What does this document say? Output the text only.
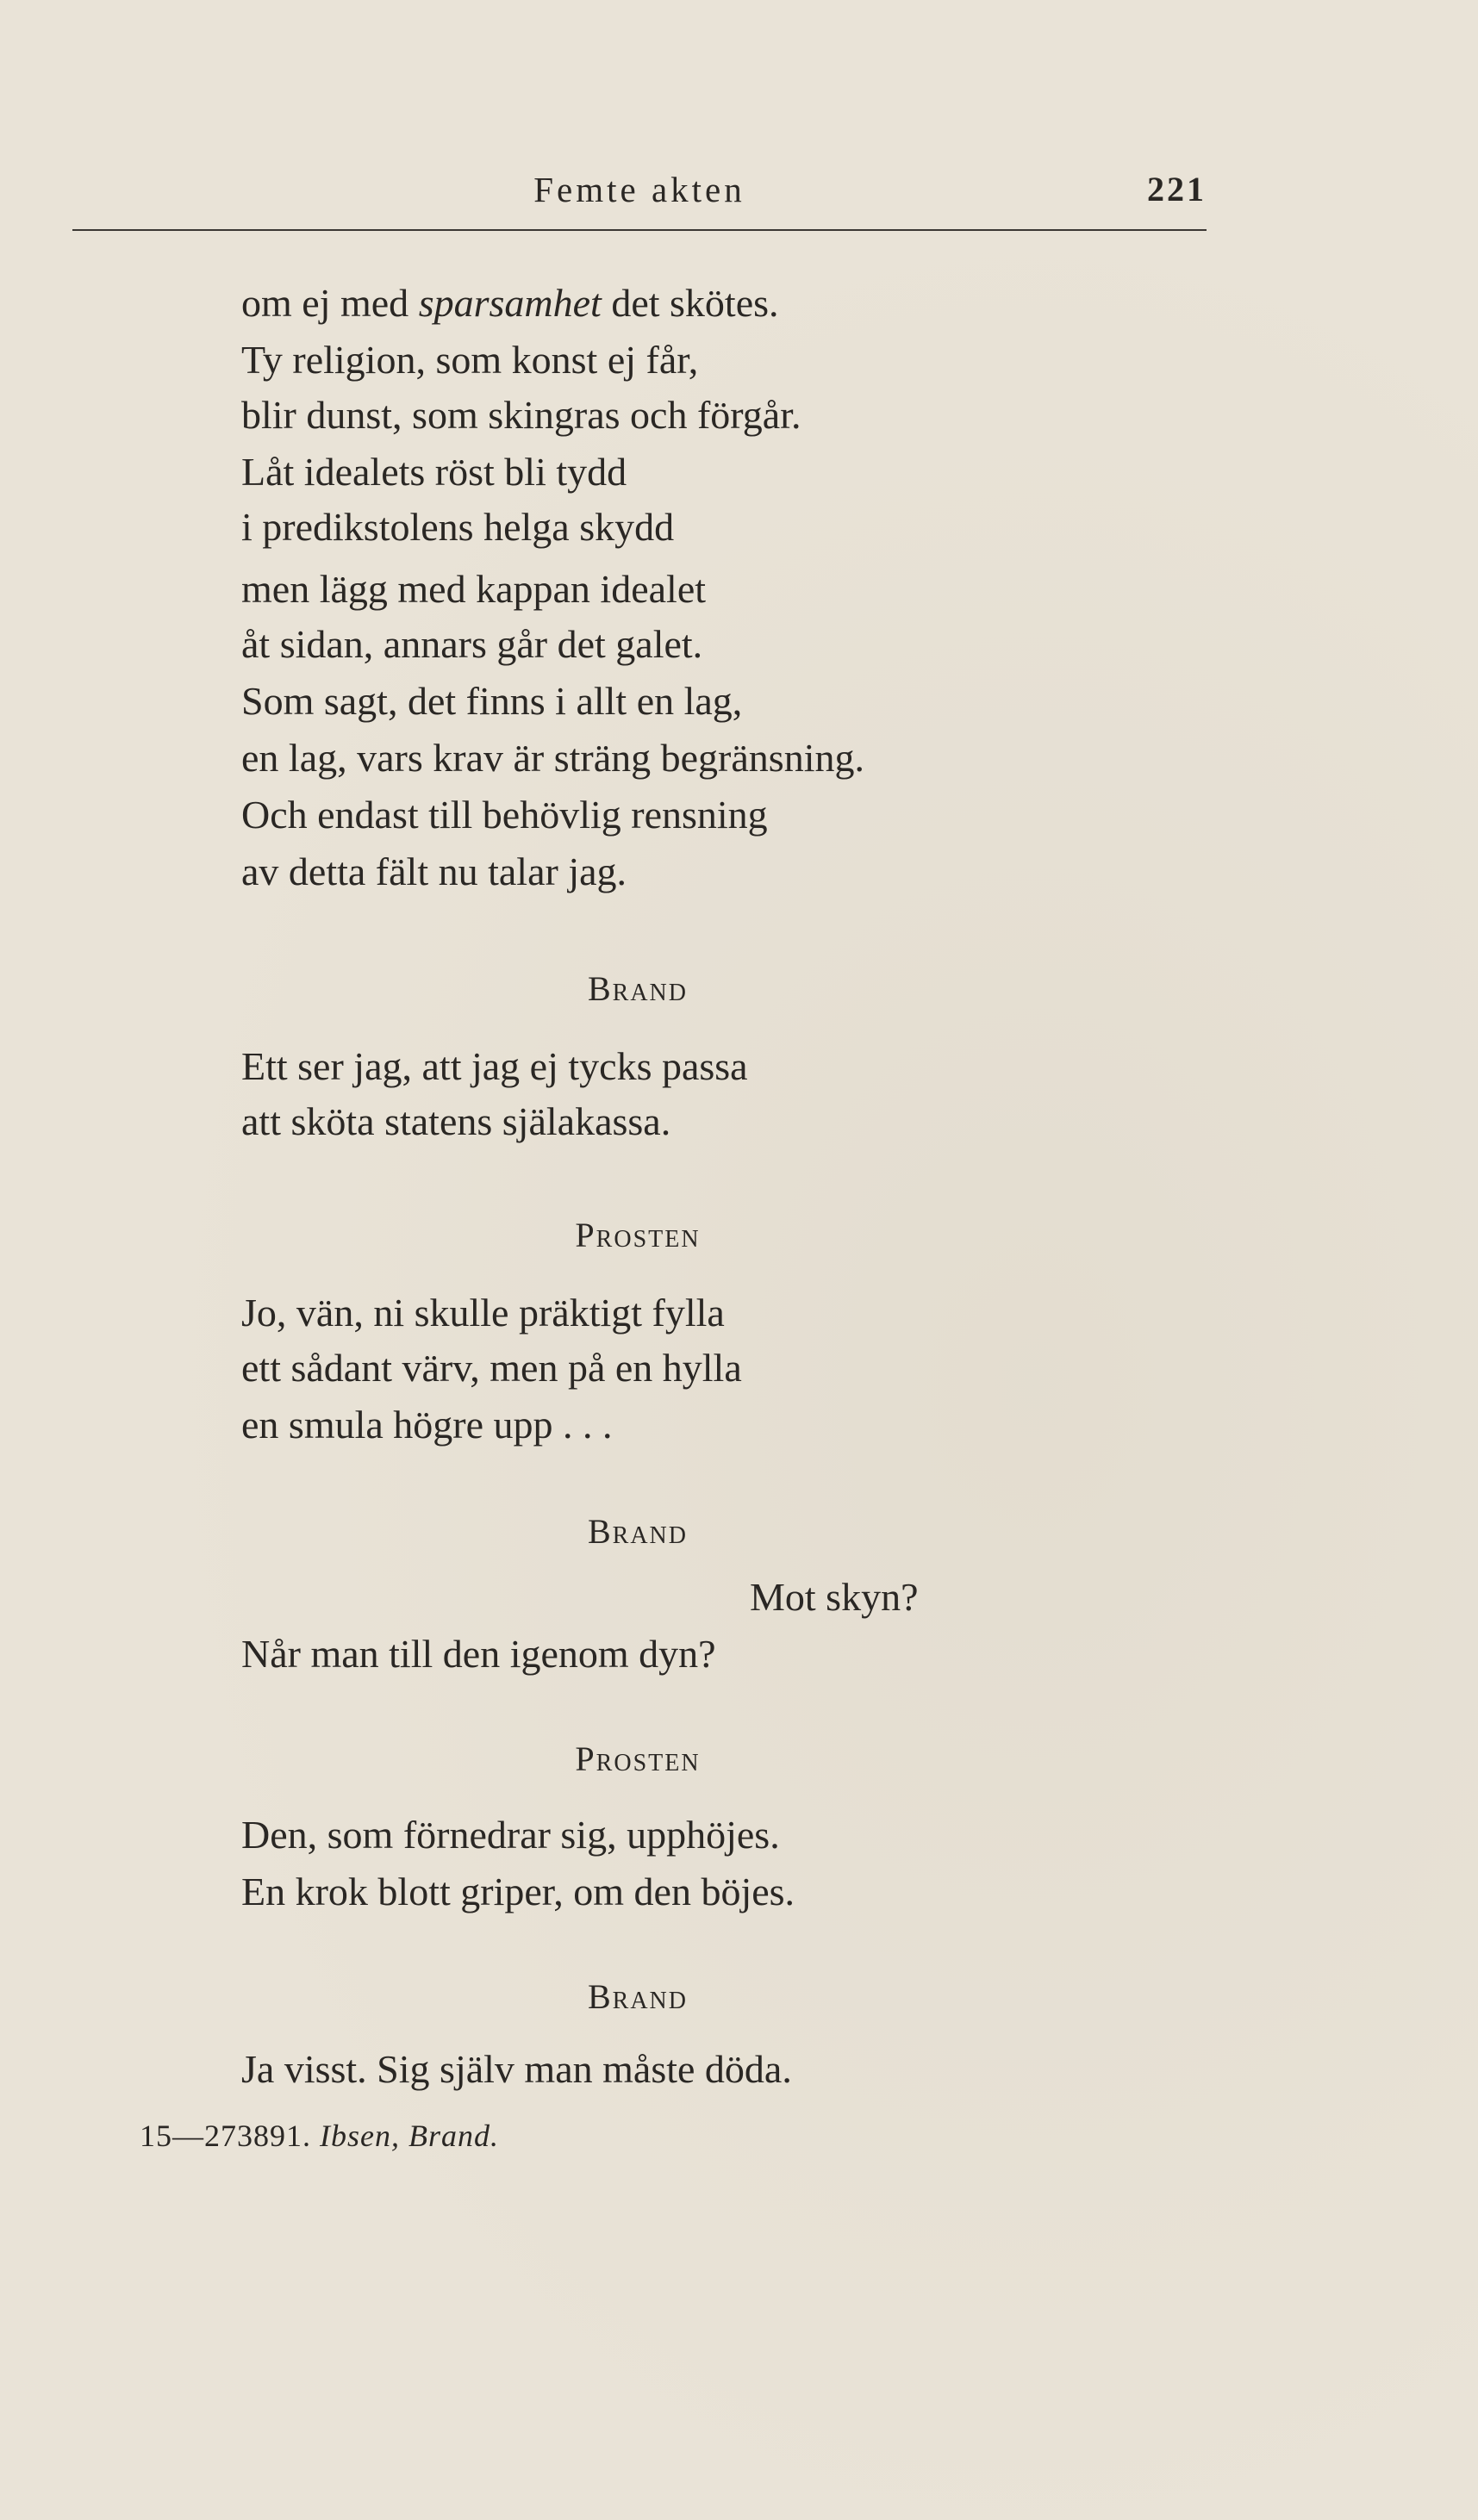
Femte akten	221
om ej med sparsamhet det skötes.
Ty religion, som konst ej får,
blir dunst, som skingras och förgår.
Låt idealets röst bli tydd
i predikstolens helga skydd
men lägg med kappan idealet
åt sidan, annars går det galet.
Som sagt, det finns i allt en lag,
en lag, vars krav är sträng begränsning.
Och endast till behövlig rensning
av detta fält nu talar jag.
Brand
Ett ser jag, att jag ej tycks passa
att sköta statens själakassa.
Prosten
Jo, vän, ni skulle präktigt fylla
ett sådant värv, men på en hylla
en smula högre upp . . .
Brand
Mot skyn?
Når man till den igenom dyn?
Prosten
Den, som förnedrar sig, upphöjes.
En krok blott griper, om den böjes.
Brand
Ja visst. Sig själv man måste döda.
15—273891. Ibsen, Brand.
